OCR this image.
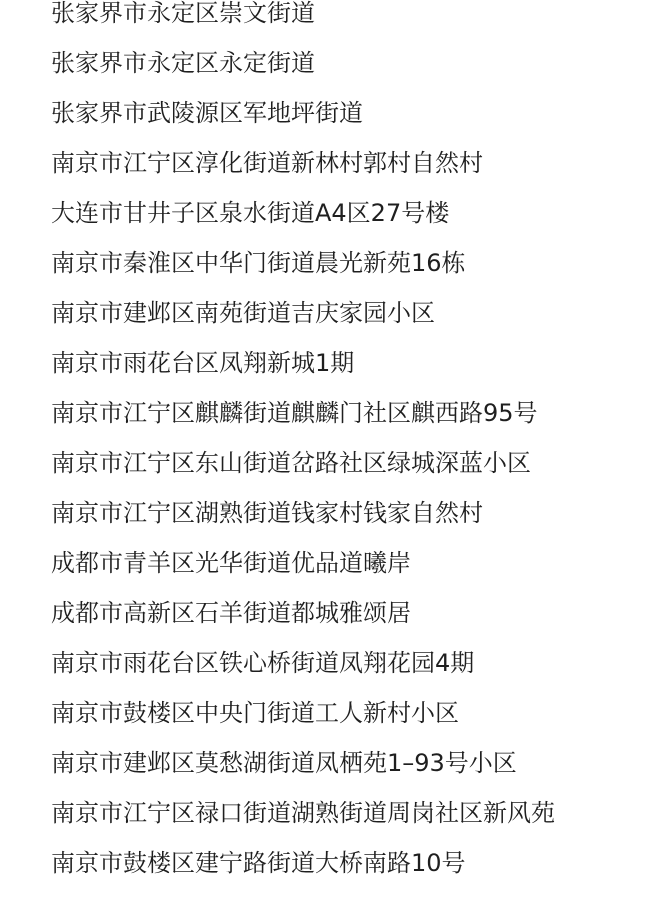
张家界市永定区崇文街道
张家界市永定区永定街道
张家界市武陵源区军地坪街道
南京市江宁区淳化街道新林村郭村自然村
大连市甘井子区泉水街道A4区27号楼
南京市秦淮区中华门街道晨光新苑16栋
南京市建邺区南苑街道吉庆家园小区
南京市雨花台区凤翔新城1期
南京市江宁区麒麟街道麒麟门社区麒西路95号
南京市江宁区东山街道岔路社区绿城深蓝小区
南京市江宁区湖熟街道钱家村钱家自然村
成都市青羊区光华街道优品道曦岸
成都市高新区石羊街道都城雅颂居
南京市雨花台区铁心桥街道凤翔花园4期
南京市鼓楼区中央门街道工人新村小区
南京市建邺区莫愁湖街道凤栖苑1–93号小区
南京市江宁区禄口街道湖熟街道周岗社区新风苑
南京市鼓楼区建宁路街道大桥南路10号
